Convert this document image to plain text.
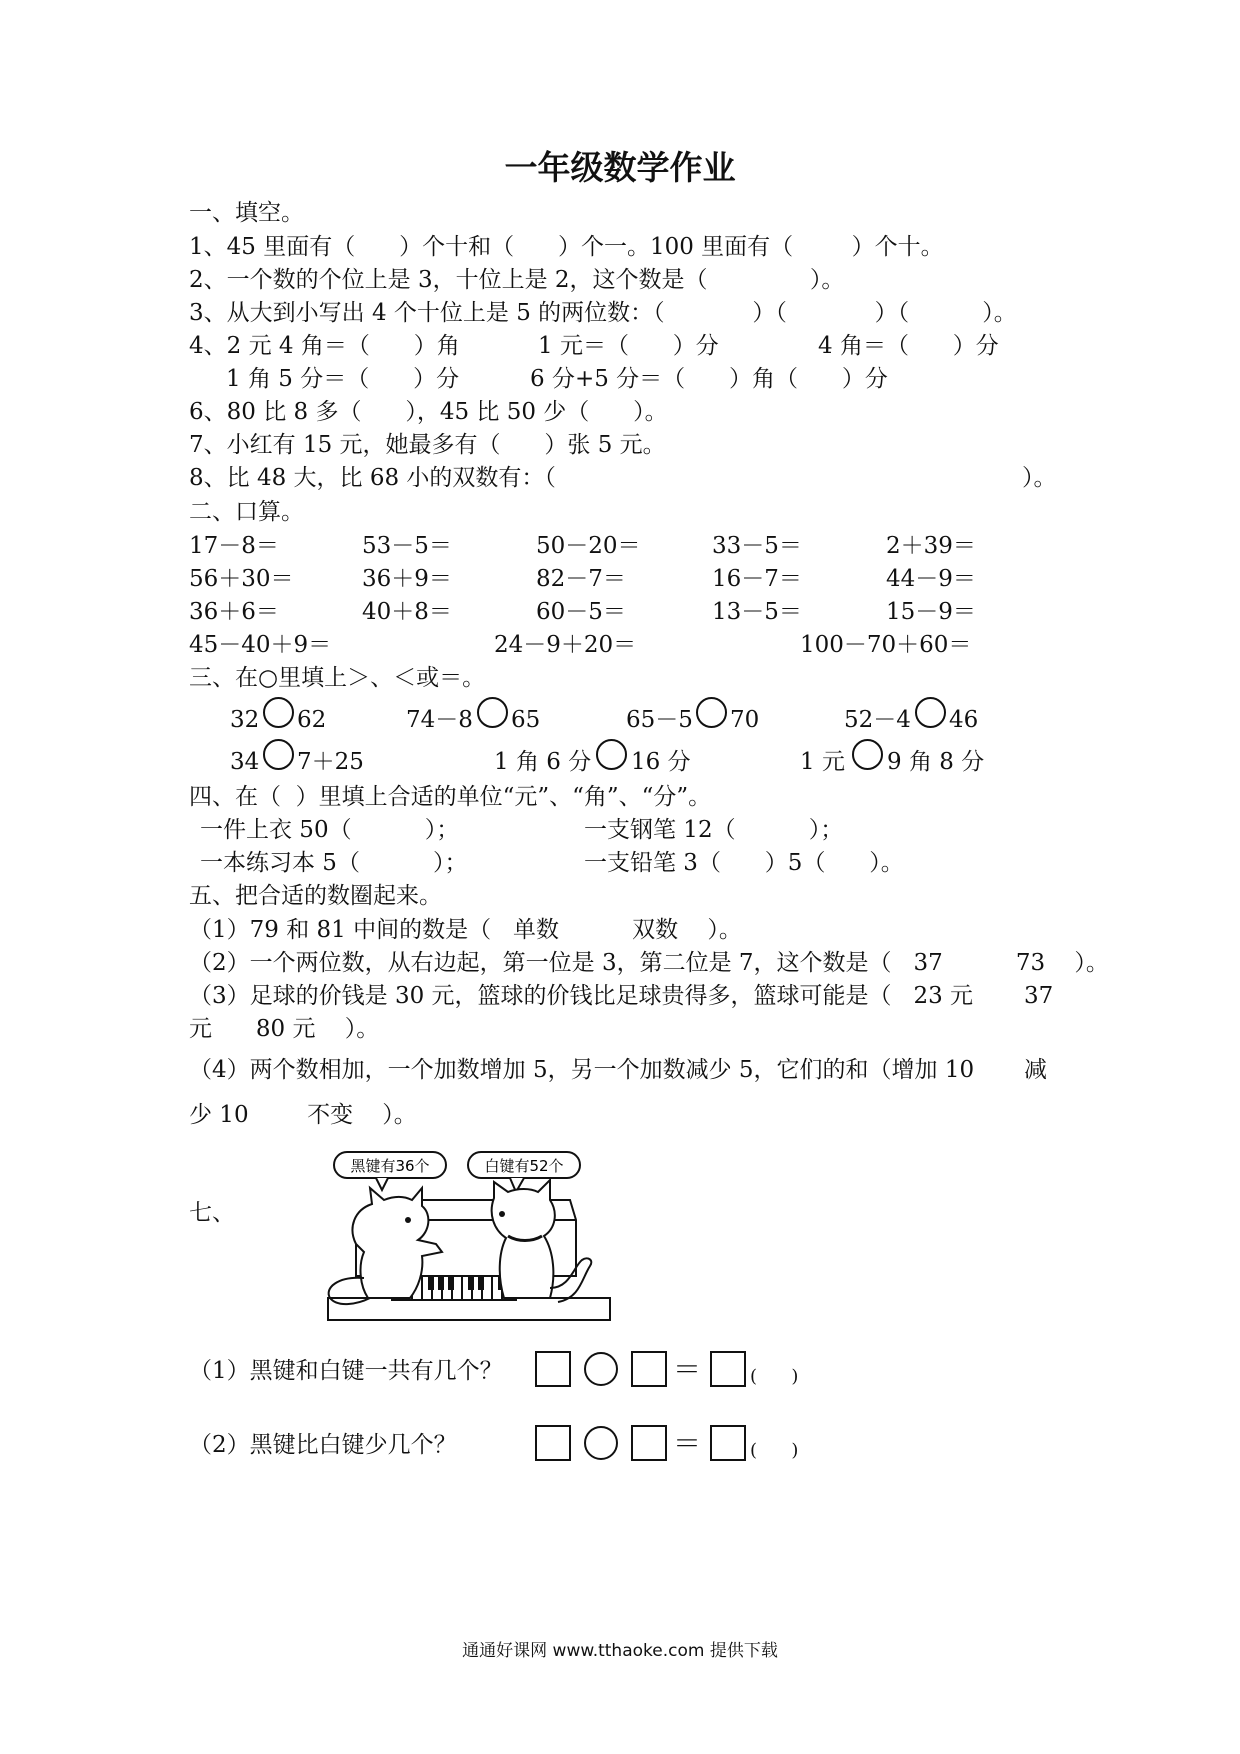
一年级数学作业
一、填空。
1、45 里面有（      ）个十和（      ）个一。100 里面有（        ）个十。
2、一个数的个位上是 3，十位上是 2，这个数是（              ）。
3、从大到小写出 4 个十位上是 5 的两位数：（            ）（            ）（          ）。
4、2 元 4 角＝（      ）角	1 元＝（      ）分	4 角＝（      ）分
1 角 5 分＝（      ）分	6 分+5 分＝（      ）角（      ）分
6、80 比 8 多（      ），45 比 50 少（      ）。
7、小红有 15 元，她最多有（      ）张 5 元。
8、比 48 大，比 68 小的双数有：（	）。
二、口算。
17－8＝	53－5＝	50－20＝	33－5＝	2＋39＝
56＋30＝	36＋9＝	82－7＝	16－7＝	44－9＝
36＋6＝	40＋8＝	60－5＝	13－5＝	15－9＝
45－40＋9＝	24－9＋20＝	100－70＋60＝
三、在○里填上＞、＜或＝。
32 62	74－8 65	65－5 70	52－4 46
34 7＋25	1 角 6 分 16 分	1 元 9 角 8 分
四、在（  ）里填上合适的单位“元”、“角”、“分”。
一件上衣 50（          ）；	一支钢笔 12（          ）；
一本练习本 5（          ）；	一支铅笔 3（      ）5（      ）。
五、把合适的数圈起来。
（1）79 和 81 中间的数是（   单数          双数    ）。
（2）一个两位数，从右边起，第一位是 3，第二位是 7，这个数是（   37          73    ）。
（3）足球的价钱是 30 元，篮球的价钱比足球贵得多，篮球可能是（   23 元 37
元      80 元    ）。
（4）两个数相加，一个加数增加 5，另一个加数减少 5，它们的和（增加 10 减
少 10        不变    ）。
七、
黑键有36个	白键有52个
（1）黑键和白键一共有几个？	＝	(      )
（2）黑键比白键少几个？	＝	(      )
通通好课网 www.tthaoke.com 提供下载
